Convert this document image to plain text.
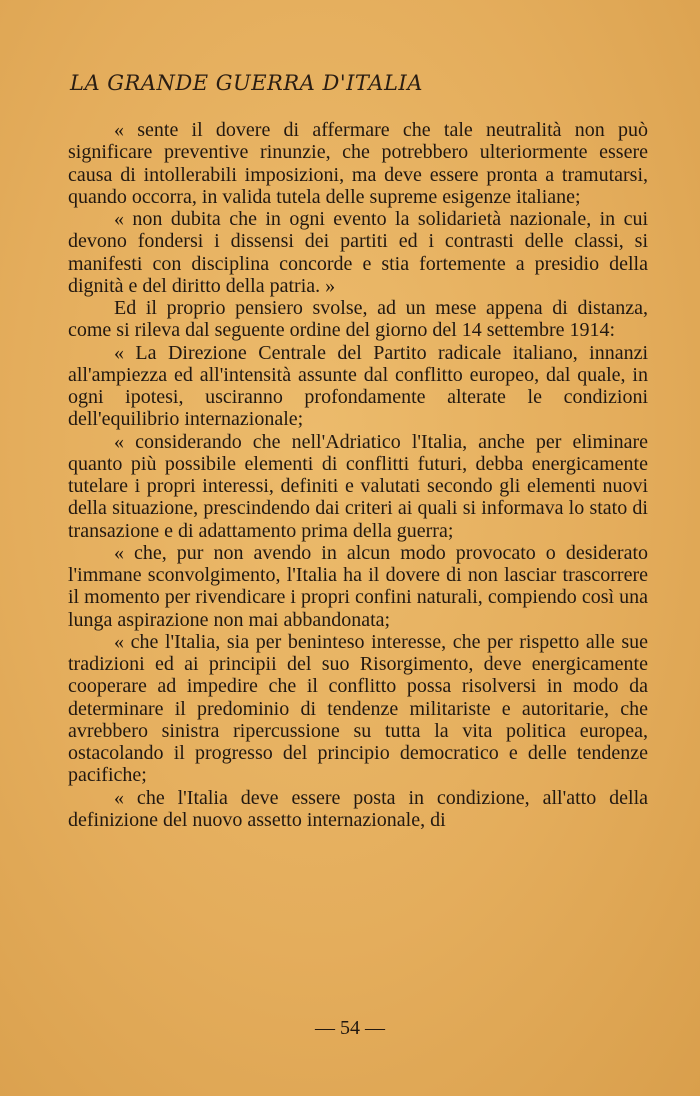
LA GRANDE GUERRA D'ITALIA

« sente il dovere di affermare che tale neutralità non può significare preventive rinunzie, che potrebbero ulteriormente essere causa di intollerabili imposizioni, ma deve essere pronta a tramutarsi, quando occorra, in valida tutela delle supreme esigenze italiane;

« non dubita che in ogni evento la solidarietà nazionale, in cui devono fondersi i dissensi dei partiti ed i contrasti delle classi, si manifesti con disciplina concorde e stia fortemente a presidio della dignità e del diritto della patria. »

Ed il proprio pensiero svolse, ad un mese appena di distanza, come si rileva dal seguente ordine del giorno del 14 settembre 1914:

« La Direzione Centrale del Partito radicale italiano, innanzi all'ampiezza ed all'intensità assunte dal conflitto europeo, dal quale, in ogni ipotesi, usciranno profondamente alterate le condizioni dell'equilibrio internazionale;

« considerando che nell'Adriatico l'Italia, anche per eliminare quanto più possibile elementi di conflitti futuri, debba energicamente tutelare i propri interessi, definiti e valutati secondo gli elementi nuovi della situazione, prescindendo dai criteri ai quali si informava lo stato di transazione e di adattamento prima della guerra;

« che, pur non avendo in alcun modo provocato o desiderato l'immane sconvolgimento, l'Italia ha il dovere di non lasciar trascorrere il momento per rivendicare i propri confini naturali, compiendo così una lunga aspirazione non mai abbandonata;

« che l'Italia, sia per beninteso interesse, che per rispetto alle sue tradizioni ed ai principii del suo Risorgimento, deve energicamente cooperare ad impedire che il conflitto possa risolversi in modo da determinare il predominio di tendenze militariste e autoritarie, che avrebbero sinistra ripercussione su tutta la vita politica europea, ostacolando il progresso del principio democratico e delle tendenze pacifiche;

« che l'Italia deve essere posta in condizione, all'atto della definizione del nuovo assetto internazionale, di

— 54 —
